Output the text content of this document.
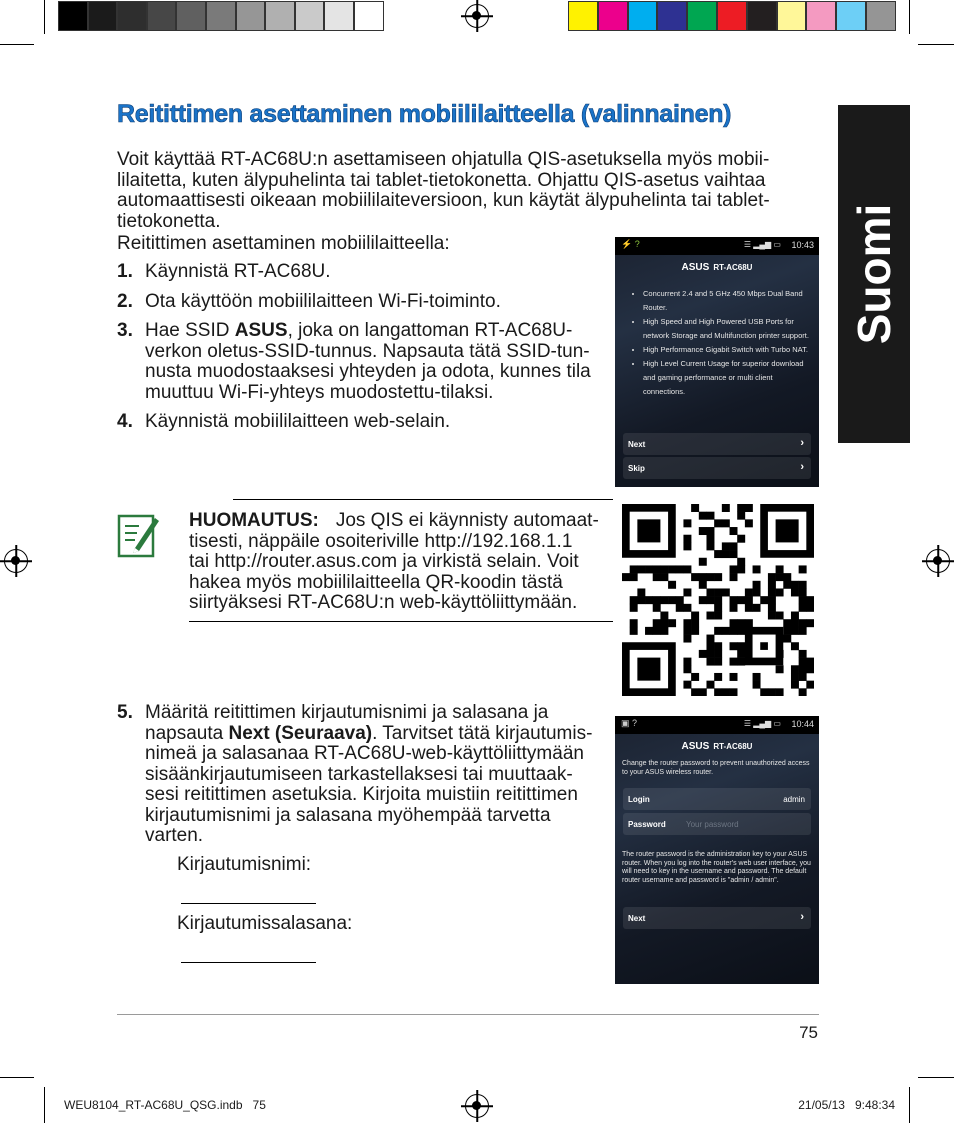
Suomi
Reitittimen asettaminen mobiililaitteella (valinnainen)
Voit käyttää RT-AC68U:n asettamiseen ohjatulla QIS-asetuksella myös mobii-
lilaitetta, kuten älypuhelinta tai tablet-tietokonetta. Ohjattu QIS-asetus vaihtaa
automaattisesti oikeaan mobiililaiteversioon, kun käytät älypuhelinta tai tablet-
tietokonetta.
Reitittimen asettaminen mobiililaitteella:
1. Käynnistä RT-AC68U.
2. Ota käyttöön mobiililaitteen Wi-Fi-toiminto.
3. Hae SSID ASUS, joka on langattoman RT-AC68U-
verkon oletus-SSID-tunnus. Napsauta tätä SSID-tun-
nusta muodostaaksesi yhteyden ja odota, kunnes tila
muuttuu Wi-Fi-yhteys muodostettu-tilaksi.
4. Käynnistä mobiililaitteen web-selain.
⚡ ?	☰ ▂▄▆ ▭ 10:43
ASUS RT-AC68U
• Concurrent 2.4 and 5 GHz 450 Mbps Dual Band Router.
• High Speed and High Powered USB Ports for network Storage and Multifunction printer support.
• High Performance Gigabit Switch with Turbo NAT.
• High Level Current Usage for superior download and gaming performance or multi client connections.
Next	›
Skip	›
HUOMAUTUS: Jos QIS ei käynnisty automaat-
tisesti, näppäile osoiteriville http://192.168.1.1
tai http://router.asus.com ja virkistä selain. Voit
hakea myös mobiililaitteella QR-koodin tästä
siirtyäksesi RT-AC68U:n web-käyttöliittymään.
5. Määritä reitittimen kirjautumisnimi ja salasana ja
napsauta Next (Seuraava). Tarvitset tätä kirjautumis-
nimeä ja salasanaa RT-AC68U-web-käyttöliittymään
sisäänkirjautumiseen tarkastellaksesi tai muuttaak-
sesi reitittimen asetuksia. Kirjoita muistiin reitittimen
kirjautumisnimi ja salasana myöhempää tarvetta
varten.
Kirjautumisnimi:
Kirjautumissalasana:
▣ ?	☰ ▂▄▆ ▭ 10:44
ASUS RT-AC68U
Change the router password to prevent unauthorized access to your ASUS wireless router.
Login	admin
Password	Your password
The router password is the administration key to your ASUS router. When you log into the router's web user interface, you will need to key in the username and password. The default router username and password is "admin / admin".
Next	›
75
WEU8104_RT-AC68U_QSG.indb   75	21/05/13   9:48:34
